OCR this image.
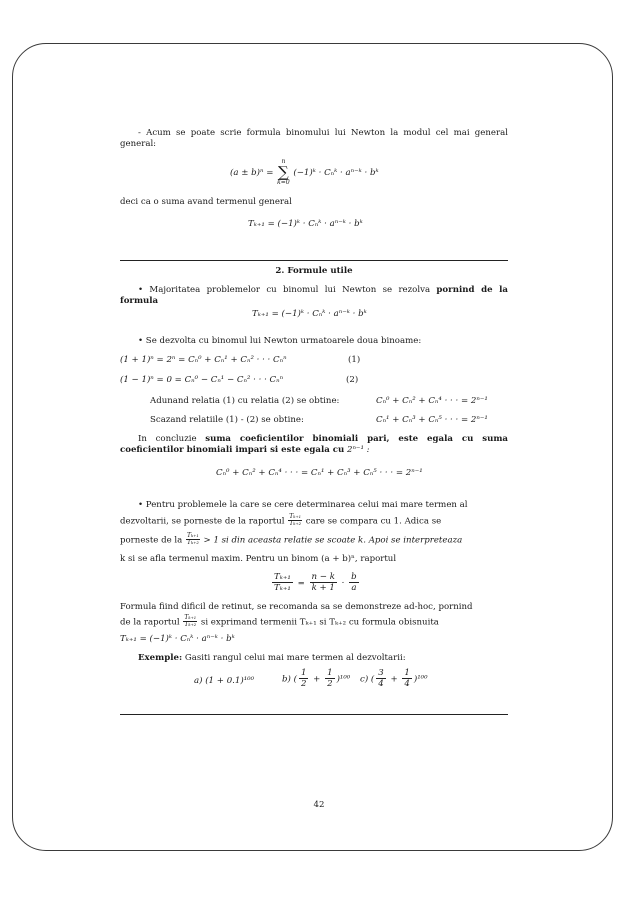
- Acum se poate scrie formula binomului lui Newton la modul cel mai general general:

(a ± b)ⁿ = n
∑
k=0 (−1)ᵏ · Cₙᵏ · aⁿ⁻ᵏ · bᵏ

deci ca o suma avand termenul general

Tₖ₊₁ = (−1)ᵏ · Cₙᵏ · aⁿ⁻ᵏ · bᵏ

2. Formule utile

• Majoritatea problemelor cu binomul lui Newton se rezolva pornind de la formula

Tₖ₊₁ = (−1)ᵏ · Cₙᵏ · aⁿ⁻ᵏ · bᵏ

• Se dezvolta cu binomul lui Newton urmatoarele doua binoame:

(1 + 1)ⁿ = 2ⁿ = Cₙ⁰ + Cₙ¹ + Cₙ² · · · Cₙⁿ	(1)
(1 − 1)ⁿ = 0 = Cₙ⁰ − Cₙ¹ − Cₙ² · · · Cₙⁿ	(2)
Adunand relatia (1) cu relatia (2) se obtine:	Cₙ⁰ + Cₙ² + Cₙ⁴ · · · = 2ⁿ⁻¹
Scazand relatiile (1) - (2) se obtine:	Cₙ¹ + Cₙ³ + Cₙ⁵ · · · = 2ⁿ⁻¹

In concluzie suma coeficientilor binomiali pari, este egala cu suma coeficientilor binomiali impari si este egala cu 2ⁿ⁻¹ :

Cₙ⁰ + Cₙ² + Cₙ⁴ · · · = Cₙ¹ + Cₙ³ + Cₙ⁵ · · · = 2ⁿ⁻¹

• Pentru problemele la care se cere determinarea celui mai mare termen al

dezvoltarii, se porneste de la raportul $\frac{\text{Tₖ₊₁}}{\text{Tₖ₊₂}}$ care se compara cu 1. Adica se
porneste de la $\frac{\text{Tₖ₊₁}}{\text{Tₖ₊₂}} > 1$ si din aceasta relatie se scoate k. Apoi se interpreteaza
k si se afla termenul maxim. Pentru un binom (a + b)ⁿ, raportul
$\frac{\text{Tₖ₊₁}}{\text{Tₖ₊₁}} = \frac{n - k}{k + 1} \cdot \frac{b}{a}$

Formula fiind dificil de retinut, se recomanda sa se demonstreze ad-hoc, pornind

de la raportul $\frac{\text{Tₖ₊₁}}{\text{Tₖ₊₂}}$ si exprimand termenii Tₖ₊₁ si Tₖ₊₂ cu formula obisnuita
Tₖ₊₁ = (−1)ᵏ · Cₙᵏ · aⁿ⁻ᵏ · bᵏ

Exemple: Gasiti rangul celui mai mare termen al dezvoltarii:

a) (1 + 0.1)¹⁰⁰	b) ( $\frac{1}{2} + \frac{1}{2} )^{100}$ c) ( $\frac{3}{4} + \frac{1}{4} )^{100}$
42
